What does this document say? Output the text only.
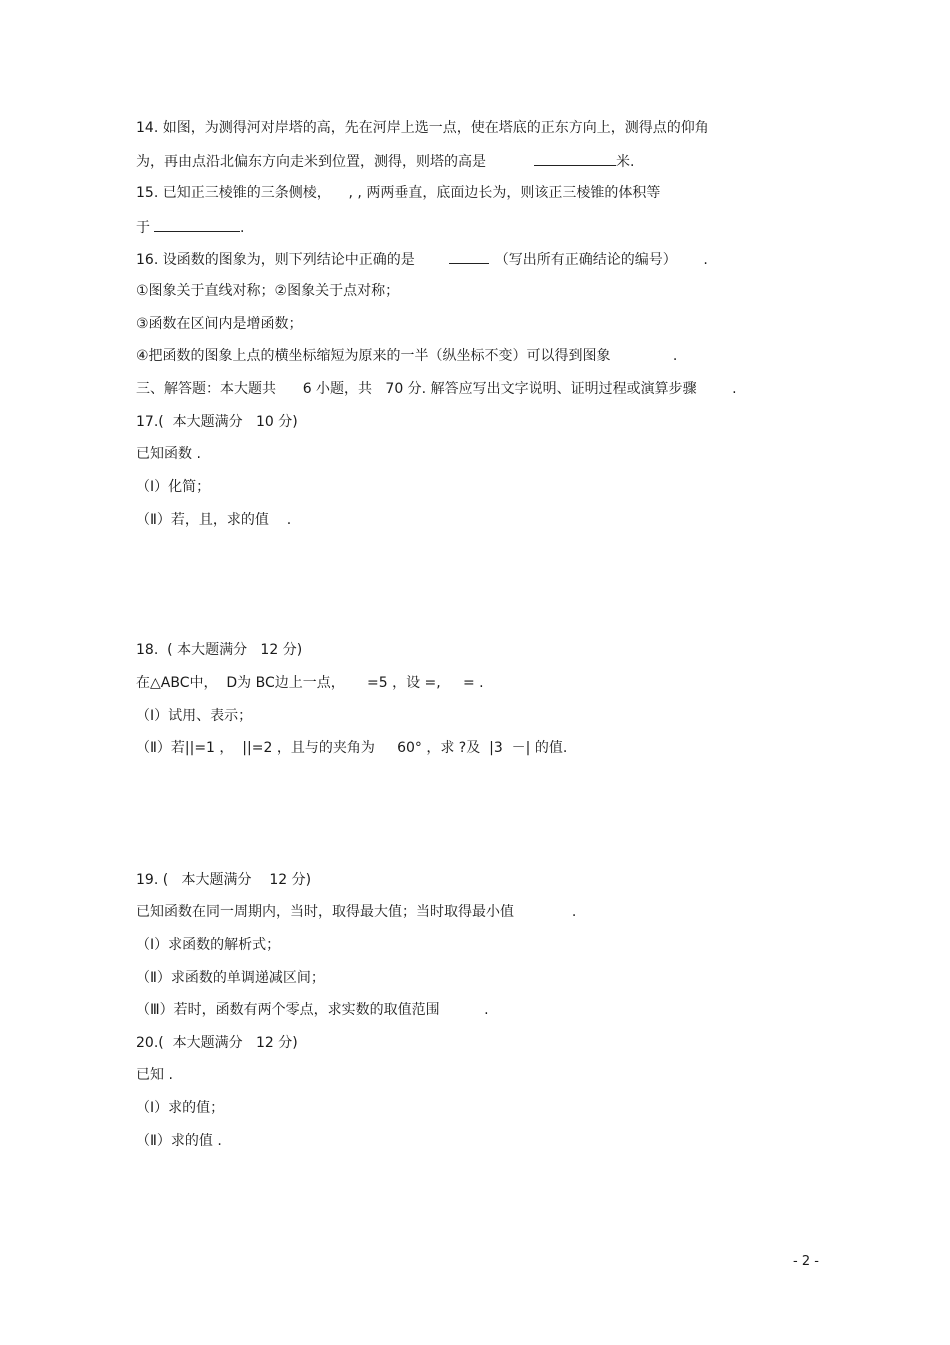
14. 如图，为测得河对岸塔的高，先在河岸上选一点，使在塔底的正东方向上，测得点的仰角
为，再由点沿北偏东方向走米到位置，测得，则塔的高是	米.
15. 已知正三棱锥的三条侧棱，    , , 两两垂直，底面边长为，则该正三棱锥的体积等
于	.
16. 设函数的图象为，则下列结论中正确的是	（写出所有正确结论的编号）      .
①图象关于直线对称；②图象关于点对称；
③函数在区间内是增函数；
④把函数的图象上点的横坐标缩短为原来的一半（纵坐标不变）可以得到图象              .
三、解答题：本大题共      6 小题，共   70 分. 解答应写出文字说明、证明过程或演算步骤        .
17.(  本大题满分   10 分)
已知函数 .
（Ⅰ）化简；
（Ⅱ）若，且，求的值    .
18.  ( 本大题满分   12 分)
在△ABC中，  D为 BC边上一点，     =5 ，设 =,     = .
（Ⅰ）试用、表示；
（Ⅱ）若||=1 ，  ||=2 ，且与的夹角为     60° ，求 ?及  |3  －| 的值.
19. (   本大题满分    12 分)
已知函数在同一周期内，当时，取得最大值；当时取得最小值             .
（Ⅰ）求函数的解析式；
（Ⅱ）求函数的单调递减区间；
（Ⅲ）若时，函数有两个零点，求实数的取值范围          .
20.(  本大题满分   12 分)
已知 .
（Ⅰ）求的值；
（Ⅱ）求的值 .
- 2 -
